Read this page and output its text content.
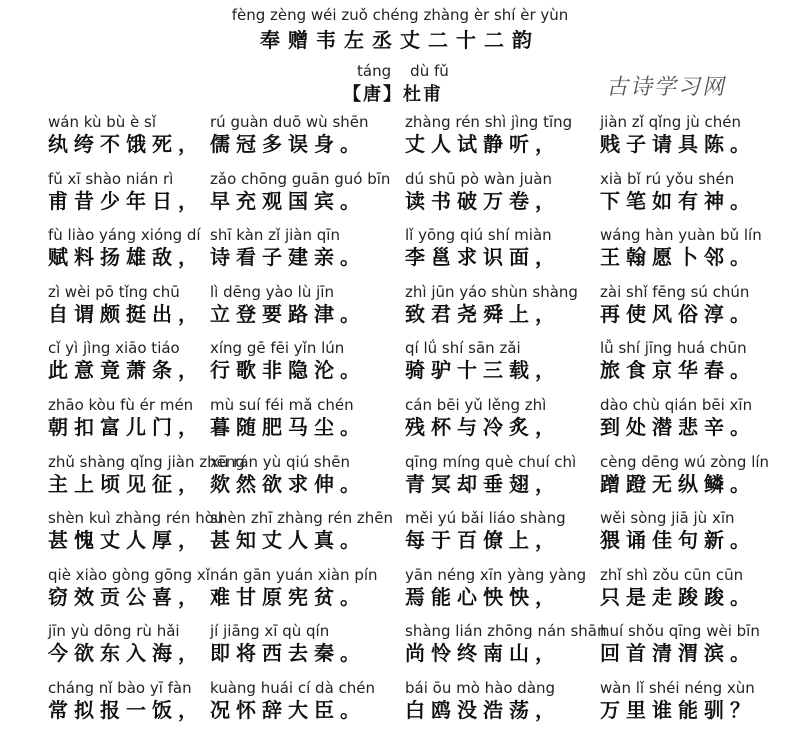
fèng zèng wéi zuǒ chéng zhàng èr shí èr yùn
奉赠韦左丞丈二十二韵
táng    dù fǔ
【唐】杜甫	古诗学习网
wán kù bù è sǐ
纨绔不饿死，
rú guàn duō wù shēn
儒冠多误身。
zhàng rén shì jìng tīng
丈人试静听，
jiàn zǐ qǐng jù chén
贱子请具陈。
fǔ xī shào nián rì
甫昔少年日，
zǎo chōng guān guó bīn
早充观国宾。
dú shū pò wàn juàn
读书破万卷，
xià bǐ rú yǒu shén
下笔如有神。
fù liào yáng xióng dí
赋料扬雄敌，
shī kàn zǐ jiàn qīn
诗看子建亲。
lǐ yōng qiú shí miàn
李邕求识面，
wáng hàn yuàn bǔ lín
王翰愿卜邻。
zì wèi pō tǐng chū
自谓颇挺出，
lì dēng yào lù jīn
立登要路津。
zhì jūn yáo shùn shàng
致君尧舜上，
zài shǐ fēng sú chún
再使风俗淳。
cǐ yì jìng xiāo tiáo
此意竟萧条，
xíng gē fēi yǐn lún
行歌非隐沦。
qí lǘ shí sān zǎi
骑驴十三载，
lǚ shí jīng huá chūn
旅食京华春。
zhāo kòu fù ér mén
朝扣富儿门，
mù suí féi mǎ chén
暮随肥马尘。
cán bēi yǔ lěng zhì
残杯与冷炙，
dào chù qián bēi xīn
到处潜悲辛。
zhǔ shàng qǐng jiàn zhēng
主上顷见征，
xū rán yù qiú shēn
欻然欲求伸。
qīng míng què chuí chì
青冥却垂翅，
cèng dēng wú zòng lín
蹭蹬无纵鳞。
shèn kuì zhàng rén hòu
甚愧丈人厚，
shèn zhī zhàng rén zhēn
甚知丈人真。
měi yú bǎi liáo shàng
每于百僚上，
wěi sòng jiā jù xīn
猥诵佳句新。
qiè xiào gòng gōng xǐ
窃效贡公喜，
nán gān yuán xiàn pín
难甘原宪贫。
yān néng xīn yàng yàng
焉能心怏怏，
zhǐ shì zǒu cūn cūn
只是走踆踆。
jīn yù dōng rù hǎi
今欲东入海，
jí jiāng xī qù qín
即将西去秦。
shàng lián zhōng nán shān
尚怜终南山，
huí shǒu qīng wèi bīn
回首清渭滨。
cháng nǐ bào yī fàn
常拟报一饭，
kuàng huái cí dà chén
况怀辞大臣。
bái ōu mò hào dàng
白鸥没浩荡，
wàn lǐ shéi néng xùn
万里谁能驯？
